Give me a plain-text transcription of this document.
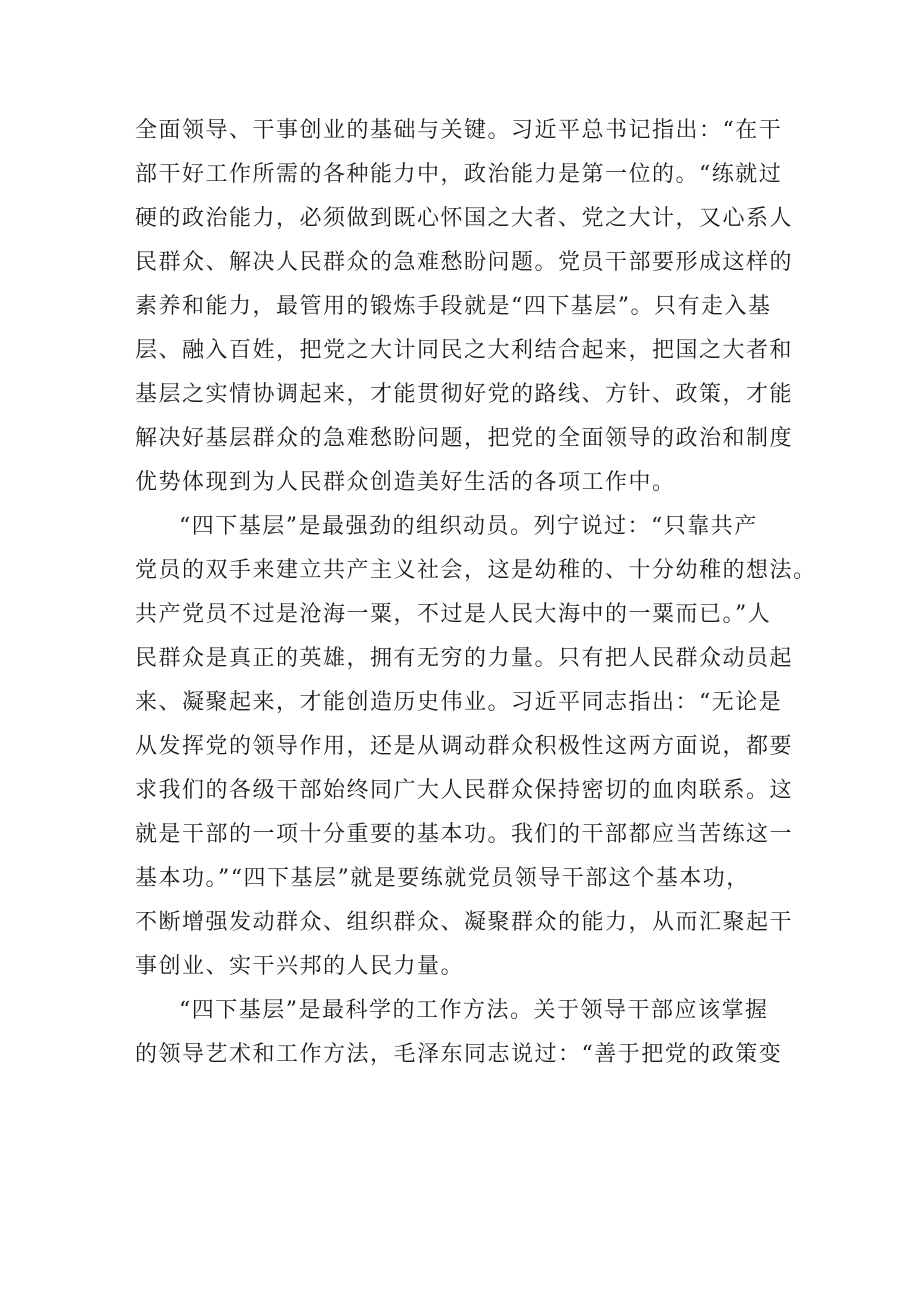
全面领导、干事创业的基础与关键。习近平总书记指出：“在干
部干好工作所需的各种能力中，政治能力是第一位的。“练就过
硬的政治能力，必须做到既心怀国之大者、党之大计，又心系人
民群众、解决人民群众的急难愁盼问题。党员干部要形成这样的
素养和能力，最管用的锻炼手段就是“四下基层”。只有走入基
层、融入百姓，把党之大计同民之大利结合起来，把国之大者和
基层之实情协调起来，才能贯彻好党的路线、方针、政策，才能
解决好基层群众的急难愁盼问题，把党的全面领导的政治和制度
优势体现到为人民群众创造美好生活的各项工作中。
“四下基层”是最强劲的组织动员。列宁说过：“只靠共产
党员的双手来建立共产主义社会，这是幼稚的、十分幼稚的想法。
共产党员不过是沧海一粟，不过是人民大海中的一粟而已。”人
民群众是真正的英雄，拥有无穷的力量。只有把人民群众动员起
来、凝聚起来，才能创造历史伟业。习近平同志指出：“无论是
从发挥党的领导作用，还是从调动群众积极性这两方面说，都要
求我们的各级干部始终同广大人民群众保持密切的血肉联系。这
就是干部的一项十分重要的基本功。我们的干部都应当苦练这一
基本功。”“四下基层”就是要练就党员领导干部这个基本功，
不断增强发动群众、组织群众、凝聚群众的能力，从而汇聚起干
事创业、实干兴邦的人民力量。
“四下基层”是最科学的工作方法。关于领导干部应该掌握
的领导艺术和工作方法，毛泽东同志说过：“善于把党的政策变
